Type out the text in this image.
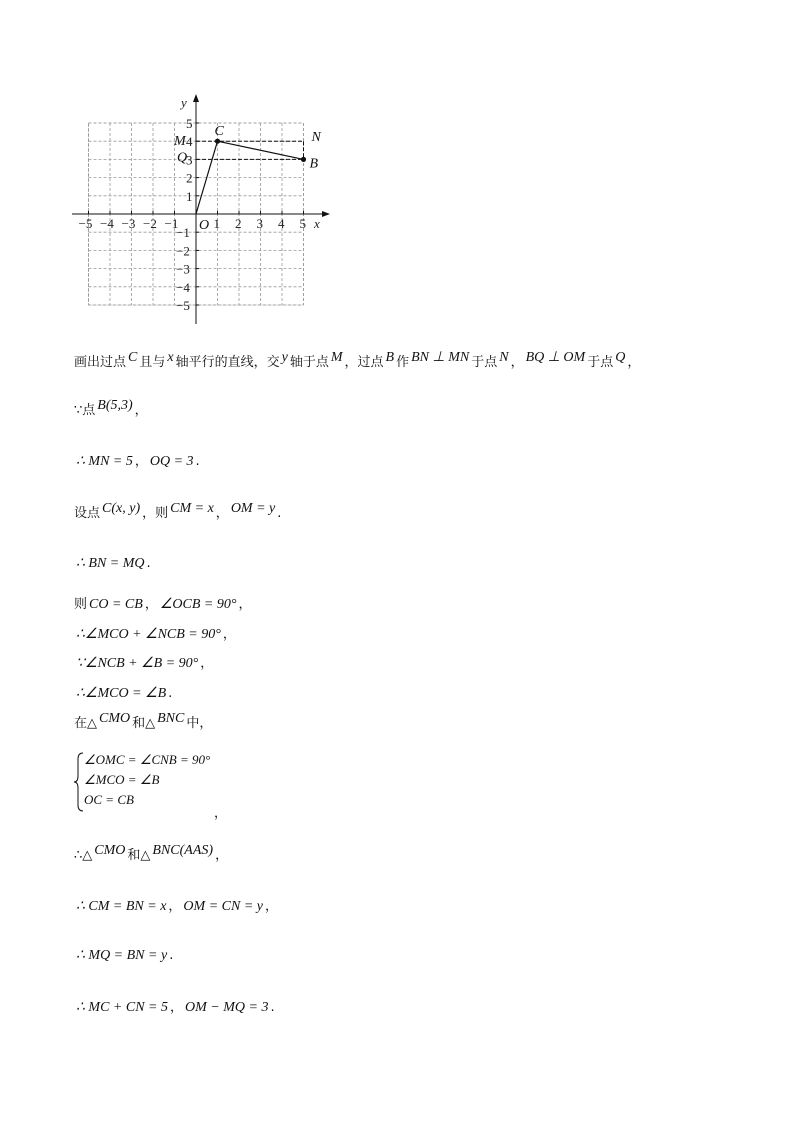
−5 −4 −3 −2 −1	1 2 3 4 5
5
4
3
2
1
−1
−2
−3
−4
−5
C	N
B
M
Q
x
y
O
画出过点 C 且与 x 轴平行的直线，交 y 轴于点 M ，过点 B 作 BN ⊥ MN 于点 N ， BQ ⊥ OM 于点 Q ，
∵点 B(5,3) ，
∴ MN = 5 ， OQ = 3 .
设点 C(x, y) ，则 CM = x ， OM = y .
∴ BN = MQ .
则 CO = CB ， ∠OCB = 90° ，
∴∠MCO + ∠NCB = 90° ，
∵∠NCB + ∠B = 90° ，
∴∠MCO = ∠B .
在△ CMO 和△ BNC 中，
∠OMC = ∠CNB = 90°
∠MCO = ∠B
OC = CB
，
∴△ CMO 和△ BNC(AAS) ，
∴ CM = BN = x ， OM = CN = y ，
∴ MQ = BN = y .
∴ MC + CN = 5 ， OM − MQ = 3 .
